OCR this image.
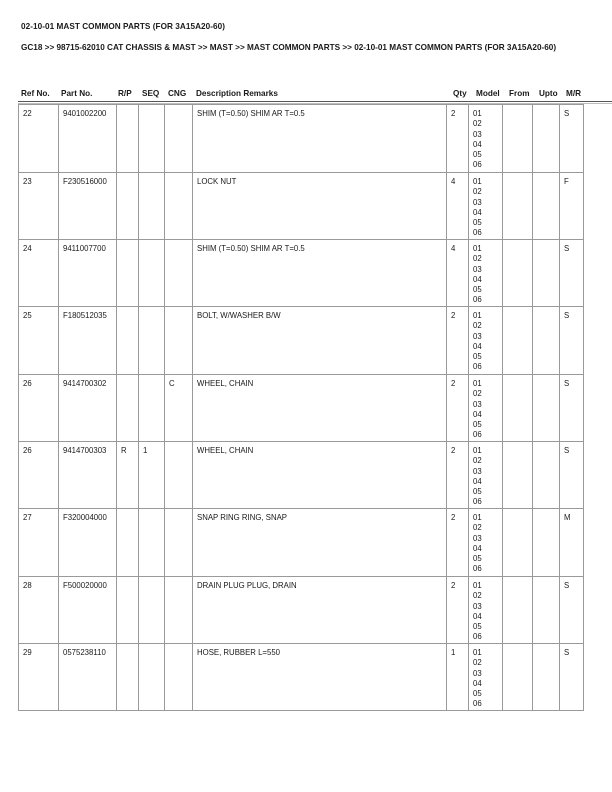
02-10-01 MAST COMMON PARTS (FOR 3A15A20-60)
GC18 >> 98715-62010 CAT CHASSIS & MAST >> MAST >> MAST COMMON PARTS >> 02-10-01 MAST COMMON PARTS (FOR 3A15A20-60)
Ref No. Part No.	R/P SEQ CNG Description Remarks	Qty Model From Upto M/R
22	9401002200				SHIM (T=0.50) SHIM AR T=0.5	2	01
02
03
04
05
06
			S
23	F230516000				LOCK NUT	4	01
02
03
04
05
06
			F
24	9411007700				SHIM (T=0.50) SHIM AR T=0.5	4	01
02
03
04
05
06
			S
25	F180512035				BOLT, W/WASHER B/W	2	01
02
03
04
05
06
			S
26	9414700302			C	WHEEL, CHAIN	2	01
02
03
04
05
06
			S
26	9414700303	R	1		WHEEL, CHAIN	2	01
02
03
04
05
06
			S
27	F320004000				SNAP RING RING, SNAP	2	01
02
03
04
05
06
			M
28	F500020000				DRAIN PLUG PLUG, DRAIN	2	01
02
03
04
05
06
			S
29	0575238110				HOSE, RUBBER L=550	1	01
02
03
04
05
06
			S
